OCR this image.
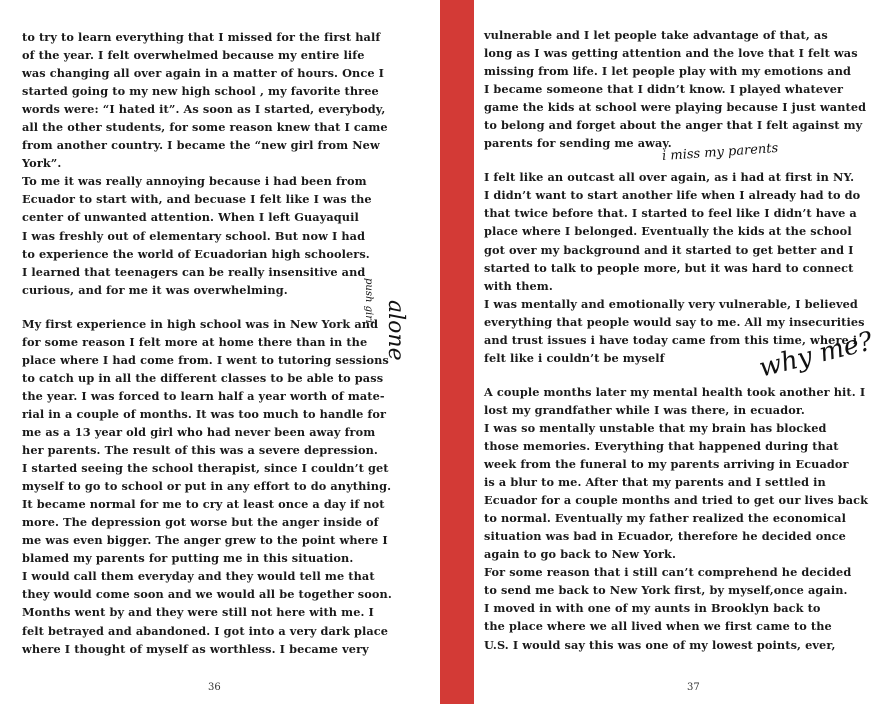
to try to learn everything that I missed for the first half
of the year. I felt overwhelmed because my entire life
was changing all over again in a matter of hours. Once I
started going to my new high school , my favorite three
words were: “I hated it”. As soon as I started, everybody,
all the other students, for some reason knew that I came
from another country. I became the “new girl from New
York”.
To me it was really annoying because i had been from
Ecuador to start with, and becuase I felt like I was the
center of unwanted attention. When I left Guayaquil
I was freshly out of elementary school. But now I had
to experience the world of Ecuadorian high schoolers.
I learned that teenagers can be really insensitive and
curious, and for me it was overwhelming.
My first experience in high school was in New York and
for some reason I felt more at home there than in the
place where I had come from. I went to tutoring sessions
to catch up in all the different classes to be able to pass
the year. I was forced to learn half a year worth of mate-
rial in a couple of months. It was too much to handle for
me as a 13 year old girl who had never been away from
her parents. The result of this was a severe depression.
I started seeing the school therapist, since I couldn’t get
myself to go to school or put in any effort to do anything.
It became normal for me to cry at least once a day if not
more. The depression got worse but the anger inside of
me was even bigger. The anger grew to the point where I
blamed my parents for putting me in this situation.
I would call them everyday and they would tell me that
they would come soon and we would all be together soon.
Months went by and they were still not here with me. I
felt betrayed and abandoned. I got into a very dark place
where I thought of myself as worthless. I became very
push girl alone
36
vulnerable and I let people take advantage of that, as
long as I was getting attention and the love that I felt was
missing from life. I let people play with my emotions and
I became someone that I didn’t know. I played whatever
game the kids at school were playing because I just wanted
to belong and forget about the anger that I felt against my
parents for sending me away.
I felt like an outcast all over again, as i had at first in NY.
I didn’t want to start another life when I already had to do
that twice before that. I started to feel like I didn’t have a
place where I belonged. Eventually the kids at the school
got over my background and it started to get better and I
started to talk to people more, but it was hard to connect
with them.
I was mentally and emotionally very vulnerable, I believed
everything that people would say to me. All my insecurities
and trust issues i have today came from this time, where i
felt like i couldn’t be myself
A couple months later my mental health took another hit. I
lost my grandfather while I was there, in ecuador.
I was so mentally unstable that my brain has blocked
those memories. Everything that happened during that
week from the funeral to my parents arriving in Ecuador
is a blur to me. After that my parents and I settled in
Ecuador for a couple months and tried to get our lives back
to normal. Eventually my father realized the economical
situation was bad in Ecuador, therefore he decided once
again to go back to New York.
For some reason that i still can’t comprehend he decided
to send me back to New York first, by myself,once again.
I moved in with one of my aunts in Brooklyn back to
the place where we all lived when we first came to the
U.S. I would say this was one of my lowest points, ever,
i miss my parents
why me?
37
